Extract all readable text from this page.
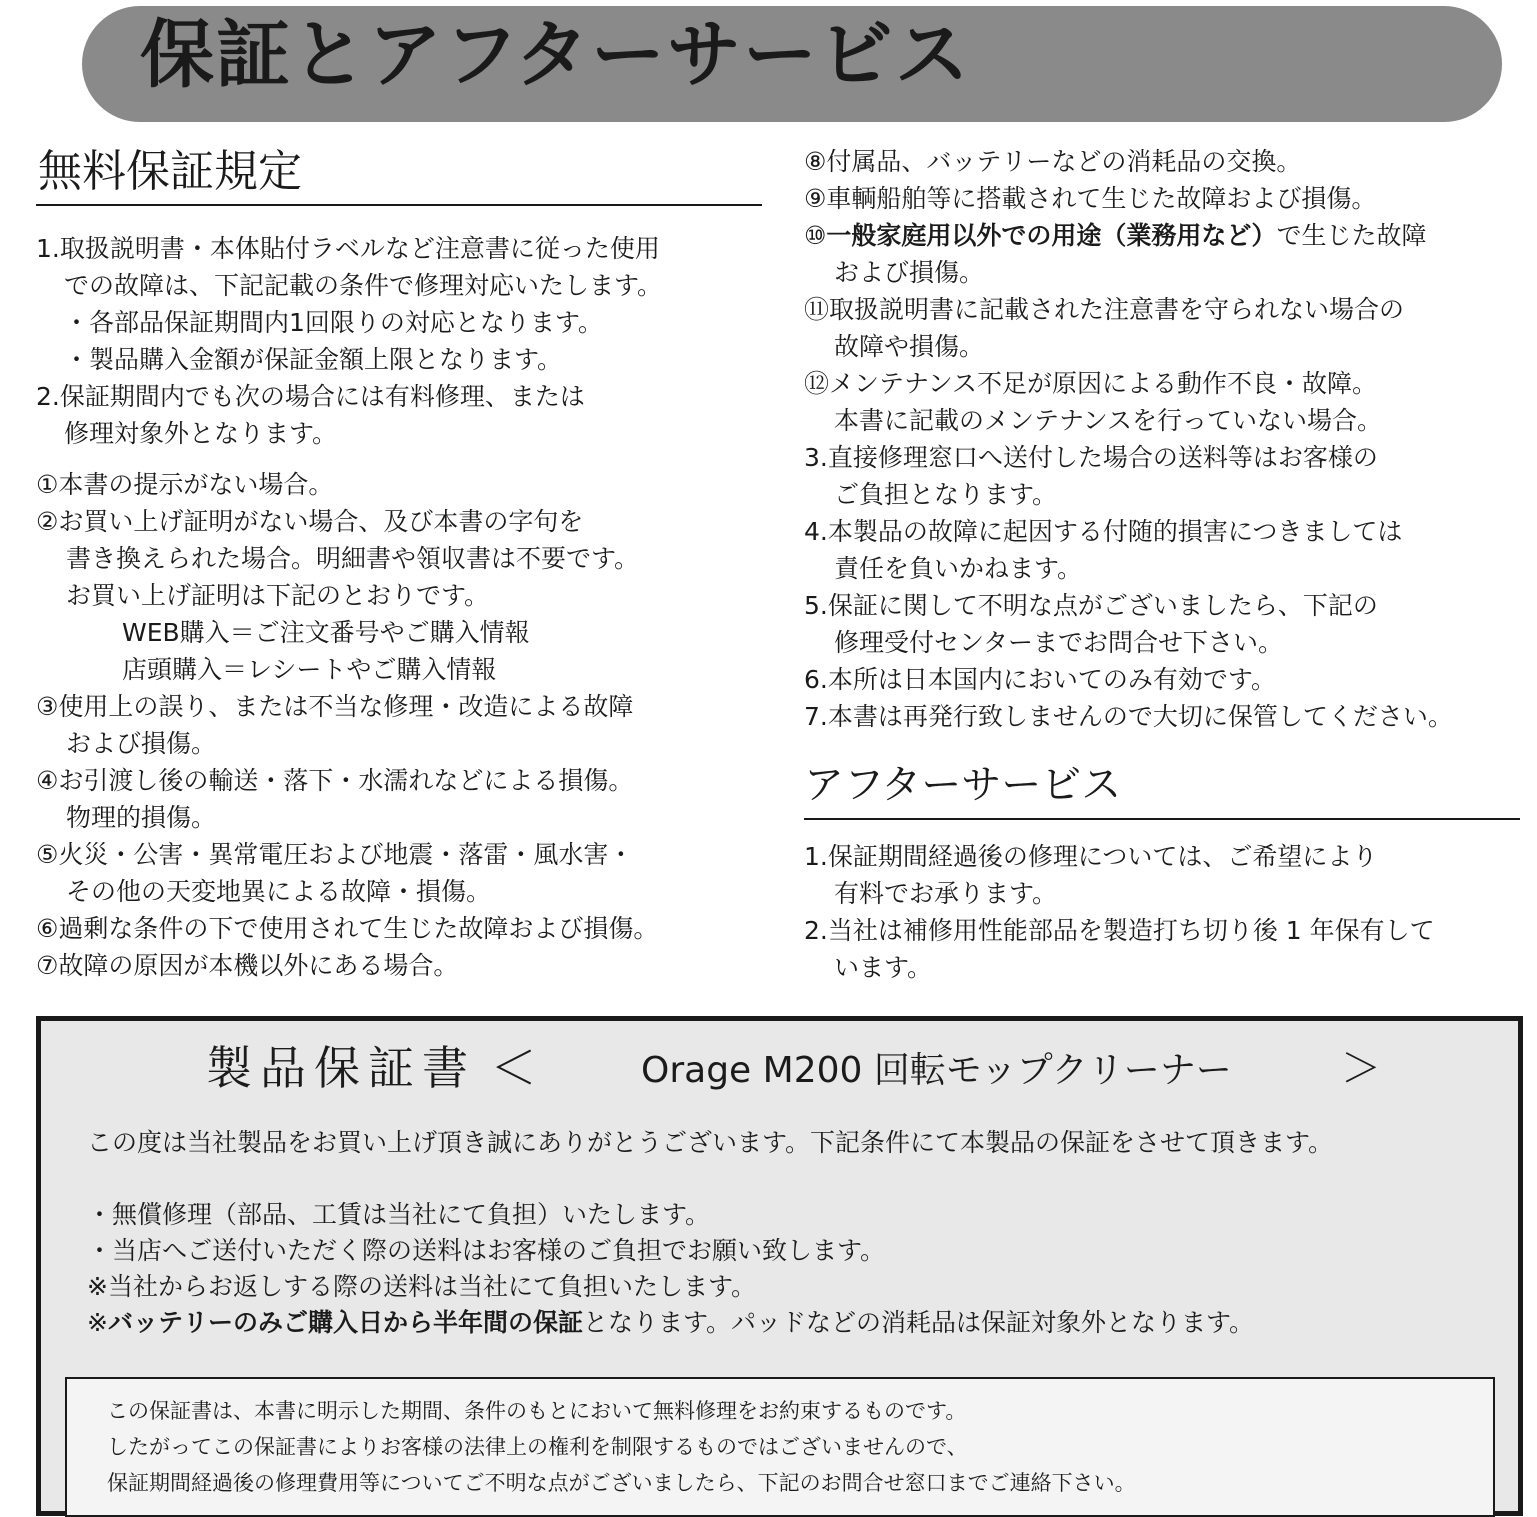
保証とアフターサービス
無料保証規定
1.取扱説明書・本体貼付ラベルなど注意書に従った使用
での故障は、下記記載の条件で修理対応いたします。
・各部品保証期間内1回限りの対応となります。
・製品購入金額が保証金額上限となります。
2.保証期間内でも次の場合には有料修理、または
修理対象外となります。
①本書の提示がない場合。
②お買い上げ証明がない場合、及び本書の字句を
書き換えられた場合。明細書や領収書は不要です。
お買い上げ証明は下記のとおりです。
WEB購入＝ご注文番号やご購入情報
店頭購入＝レシートやご購入情報
③使用上の誤り、または不当な修理・改造による故障
および損傷。
④お引渡し後の輸送・落下・水濡れなどによる損傷。
物理的損傷。
⑤火災・公害・異常電圧および地震・落雷・風水害・
その他の天変地異による故障・損傷。
⑥過剰な条件の下で使用されて生じた故障および損傷。
⑦故障の原因が本機以外にある場合。
⑧付属品、バッテリーなどの消耗品の交換。
⑨車輌船舶等に搭載されて生じた故障および損傷。
⑩一般家庭用以外での用途（業務用など）で生じた故障
および損傷。
⑪取扱説明書に記載された注意書を守られない場合の
故障や損傷。
⑫メンテナンス不足が原因による動作不良・故障。
本書に記載のメンテナンスを行っていない場合。
3.直接修理窓口へ送付した場合の送料等はお客様の
ご負担となります。
4.本製品の故障に起因する付随的損害につきましては
責任を負いかねます。
5.保証に関して不明な点がございましたら、下記の
修理受付センターまでお問合せ下さい。
6.本所は日本国内においてのみ有効です。
7.本書は再発行致しませんので大切に保管してください。
アフターサービス
1.保証期間経過後の修理については、ご希望により
有料でお承ります。
2.当社は補修用性能部品を製造打ち切り後 1 年保有して
います。
製品保証書 ＜	Orage M200 回転モップクリーナー	＞
この度は当社製品をお買い上げ頂き誠にありがとうございます。下記条件にて本製品の保証をさせて頂きます。
・無償修理（部品、工賃は当社にて負担）いたします。
・当店へご送付いただく際の送料はお客様のご負担でお願い致します。
※当社からお返しする際の送料は当社にて負担いたします。
※バッテリーのみご購入日から半年間の保証となります。パッドなどの消耗品は保証対象外となります。
この保証書は、本書に明示した期間、条件のもとにおいて無料修理をお約束するものです。
したがってこの保証書によりお客様の法律上の権利を制限するものではございませんので、
保証期間経過後の修理費用等についてご不明な点がございましたら、下記のお問合せ窓口までご連絡下さい。
